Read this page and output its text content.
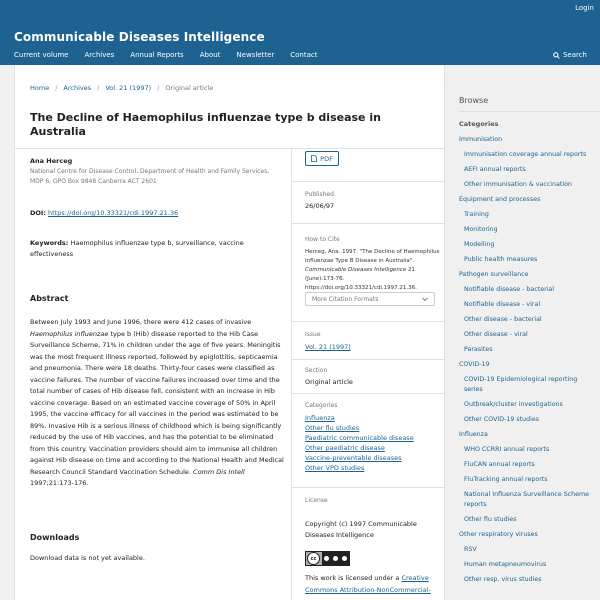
Login
Communicable Diseases Intelligence
Current volume Archives Annual Reports About Newsletter Contact	Search
Home / Archives / Vol. 21 (1997) / Original article
The Decline of Haemophilus influenzae type b disease in Australia
Ana Herceg
National Centre for Disease Control, Department of Health and Family Services, MDP 6, GPO Box 9848 Canberra ACT 2601
DOI: https://doi.org/10.33321/cdi.1997.21.36
Keywords: Haemophilus influenzae type b, surveillance, vaccine effectiveness
Abstract
Between July 1993 and June 1996, there were 412 cases of invasive Haemophilus influenzae type b (Hib) disease reported to the Hib Case Surveillance Scheme, 71% in children under the age of five years. Meningitis was the most frequent illness reported, followed by epiglottitis, septicaemia and pneumonia. There were 18 deaths. Thirty-four cases were classified as vaccine failures. The number of vaccine failures increased over time and the total number of cases of Hib disease fell, consistent with an increase in Hib vaccine coverage. Based on an estimated vaccine coverage of 50% in April 1995, the vaccine efficacy for all vaccines in the period was estimated to be 89%. Invasive Hib is a serious illness of childhood which is being significantly reduced by the use of Hib vaccines, and has the potential to be eliminated from this country. Vaccination providers should aim to immunise all children against Hib disease on time and according to the National Health and Medical Research Council Standard Vaccination Schedule. Comm Dis Intell 1997;21:173-176.
Downloads
Download data is not yet available.
PDF
Published
26/06/97
How to Cite
Herceg, Ana. 1997. "The Decline of Haemophilus Influenzae Type B Disease in Australia". Communicable Diseases Intelligence 21 (June):173-76. https://doi.org/10.33321/cdi.1997.21.36.
More Citation Formats
Issue
Vol. 21 (1997)
Section
Original article
Categories
Influenza
Other flu studies
Paediatric communicable disease
Other paediatric disease
Vaccine-preventable diseases
Other VPD studies
License
Copyright (c) 1997 Communicable Diseases Intelligence
cc
This work is licensed under a Creative Commons Attribution-NonCommercial-
Browse
Categories
Immunisation
Immunisation coverage annual reports
AEFI annual reports
Other immunisation & vaccination
Equipment and processes
Training
Monitoring
Modelling
Public health measures
Pathogen surveillance
Notifiable disease - bacterial
Notifiable disease - viral
Other disease - bacterial
Other disease - viral
Parasites
COVID-19
COVID-19 Epidemiological reporting series
Outbreak/cluster investigations
Other COVID-19 studies
Influenza
WHO CCRRI annual reports
FluCAN annual reports
FluTracking annual reports
National Influenza Surveillance Scheme reports
Other flu studies
Other respiratory viruses
RSV
Human metapneumovirus
Other resp. virus studies
